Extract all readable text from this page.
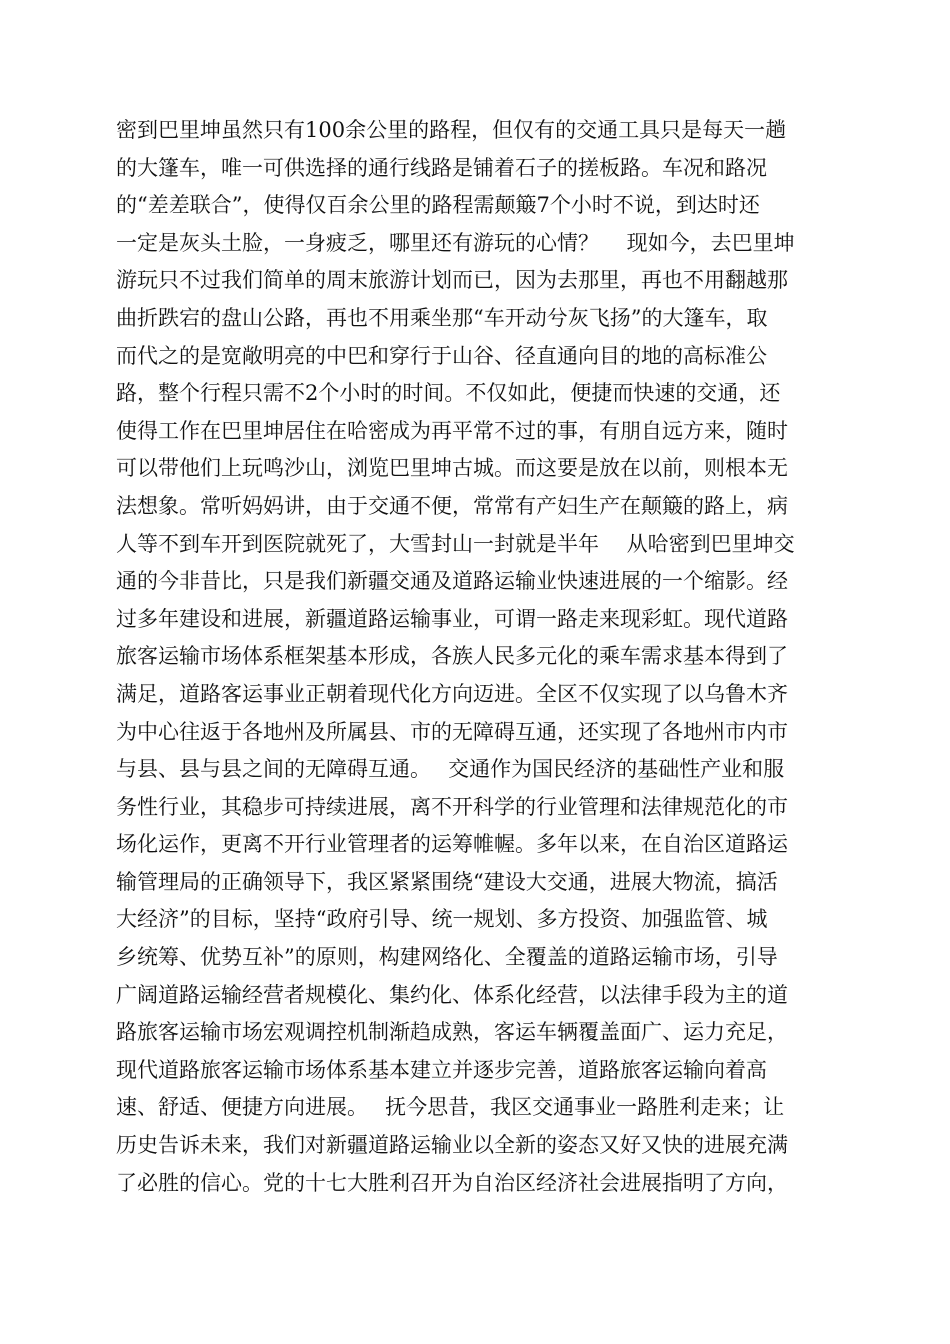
密到巴里坤虽然只有100余公里的路程，但仅有的交通工具只是每天一趟
的大篷车，唯一可供选择的通行线路是铺着石子的搓板路。车况和路况
的“差差联合”，使得仅百余公里的路程需颠簸7个小时不说，到达时还
一定是灰头土脸，一身疲乏，哪里还有游玩的心情？　 现如今，去巴里坤
游玩只不过我们简单的周末旅游计划而已，因为去那里，再也不用翻越那
曲折跌宕的盘山公路，再也不用乘坐那“车开动兮灰飞扬”的大篷车，取
而代之的是宽敞明亮的中巴和穿行于山谷、径直通向目的地的高标准公
路，整个行程只需不2个小时的时间。不仅如此，便捷而快速的交通，还
使得工作在巴里坤居住在哈密成为再平常不过的事，有朋自远方来，随时
可以带他们上玩鸣沙山，浏览巴里坤古城。而这要是放在以前，则根本无
法想象。常听妈妈讲，由于交通不便，常常有产妇生产在颠簸的路上，病
人等不到车开到医院就死了，大雪封山一封就是半年　 从哈密到巴里坤交
通的今非昔比，只是我们新疆交通及道路运输业快速进展的一个缩影。经
过多年建设和进展，新疆道路运输事业，可谓一路走来现彩虹。现代道路
旅客运输市场体系框架基本形成，各族人民多元化的乘车需求基本得到了
满足，道路客运事业正朝着现代化方向迈进。全区不仅实现了以乌鲁木齐
为中心往返于各地州及所属县、市的无障碍互通，还实现了各地州市内市
与县、县与县之间的无障碍互通。　 交通作为国民经济的基础性产业和服
务性行业，其稳步可持续进展，离不开科学的行业管理和法律规范化的市
场化运作，更离不开行业管理者的运筹帷幄。多年以来，在自治区道路运
输管理局的正确领导下，我区紧紧围绕“建设大交通，进展大物流，搞活
大经济”的目标，坚持“政府引导、统一规划、多方投资、加强监管、城
乡统筹、优势互补”的原则，构建网络化、全覆盖的道路运输市场，引导
广阔道路运输经营者规模化、集约化、体系化经营，以法律手段为主的道
路旅客运输市场宏观调控机制渐趋成熟，客运车辆覆盖面广、运力充足，
现代道路旅客运输市场体系基本建立并逐步完善，道路旅客运输向着高
速、舒适、便捷方向进展。　 抚今思昔，我区交通事业一路胜利走来；让
历史告诉未来，我们对新疆道路运输业以全新的姿态又好又快的进展充满
了必胜的信心。党的十七大胜利召开为自治区经济社会进展指明了方向，
